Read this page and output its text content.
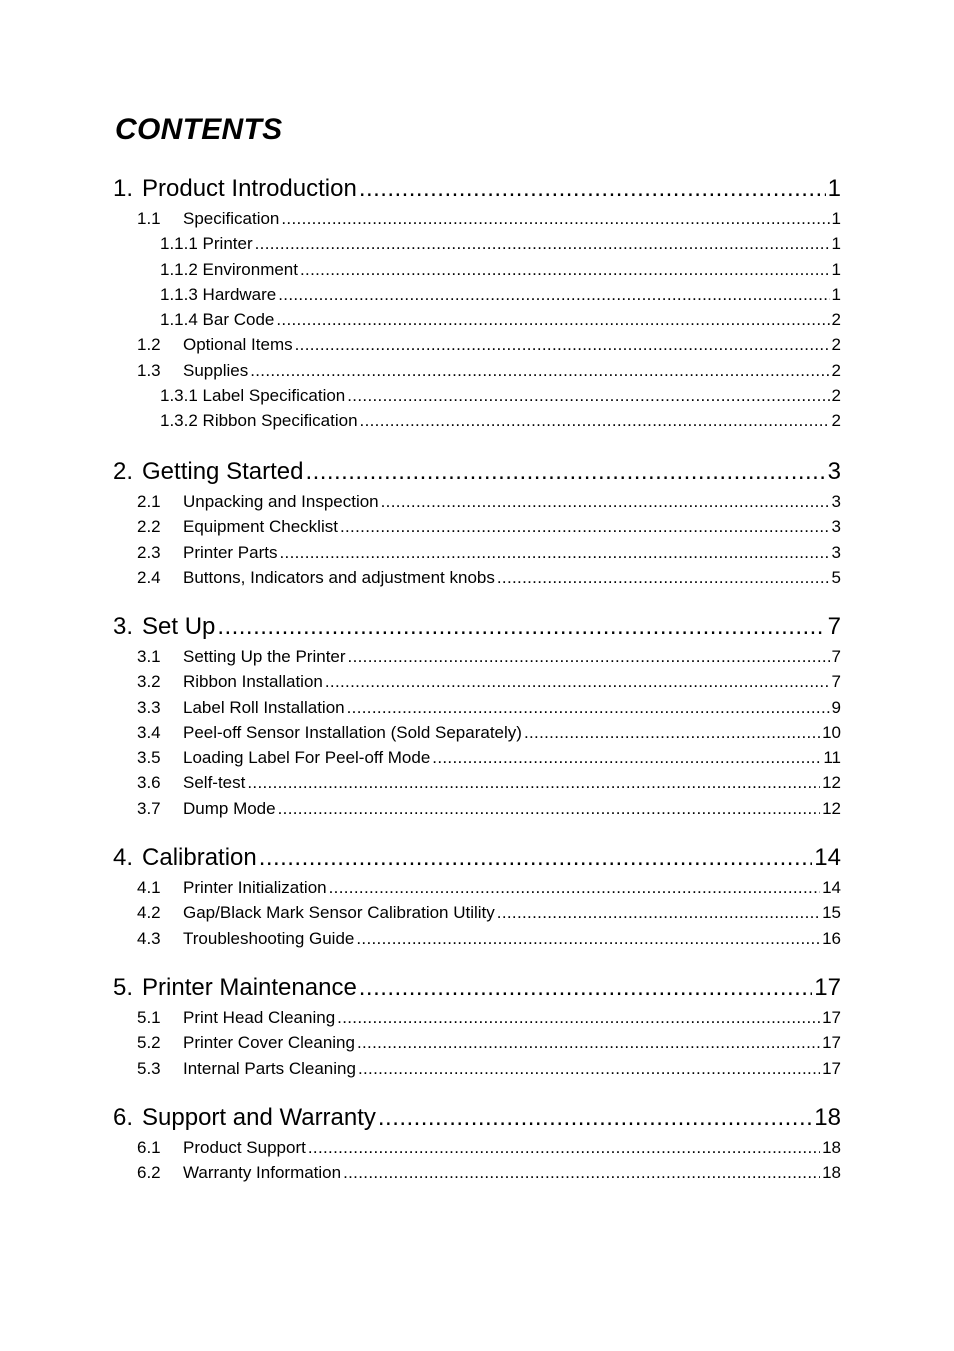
CONTENTS
1. Product Introduction . . .	1
1.1 Specification . . .	1
1.1.1 Printer . . .	1
1.1.2 Environment . . .	1
1.1.3 Hardware . . .	1
1.1.4 Bar Code . . .	2
1.2 Optional Items . . .	2
1.3 Supplies . . .	2
1.3.1 Label Specification . . .	2
1.3.2 Ribbon Specification . . .	2
2. Getting Started . . .	3
2.1 Unpacking and Inspection . . .	3
2.2 Equipment Checklist . . .	3
2.3 Printer Parts . . .	3
2.4 Buttons, Indicators and adjustment knobs . . .	5
3. Set Up . . .	7
3.1 Setting Up the Printer . . .	7
3.2 Ribbon Installation . . .	7
3.3 Label Roll Installation . . .	9
3.4 Peel-off Sensor Installation (Sold Separately) . . .	10
3.5 Loading Label For Peel-off Mode . . .	11
3.6 Self-test . . .	12
3.7 Dump Mode . . .	12
4. Calibration . . .	14
4.1 Printer Initialization . . .	14
4.2 Gap/Black Mark Sensor Calibration Utility . . .	15
4.3 Troubleshooting Guide . . .	16
5. Printer Maintenance . . .	17
5.1 Print Head Cleaning . . .	17
5.2 Printer Cover Cleaning . . .	17
5.3 Internal Parts Cleaning . . .	17
6. Support and Warranty . . .	18
6.1 Product Support . . .	18
6.2 Warranty Information . . .	18
